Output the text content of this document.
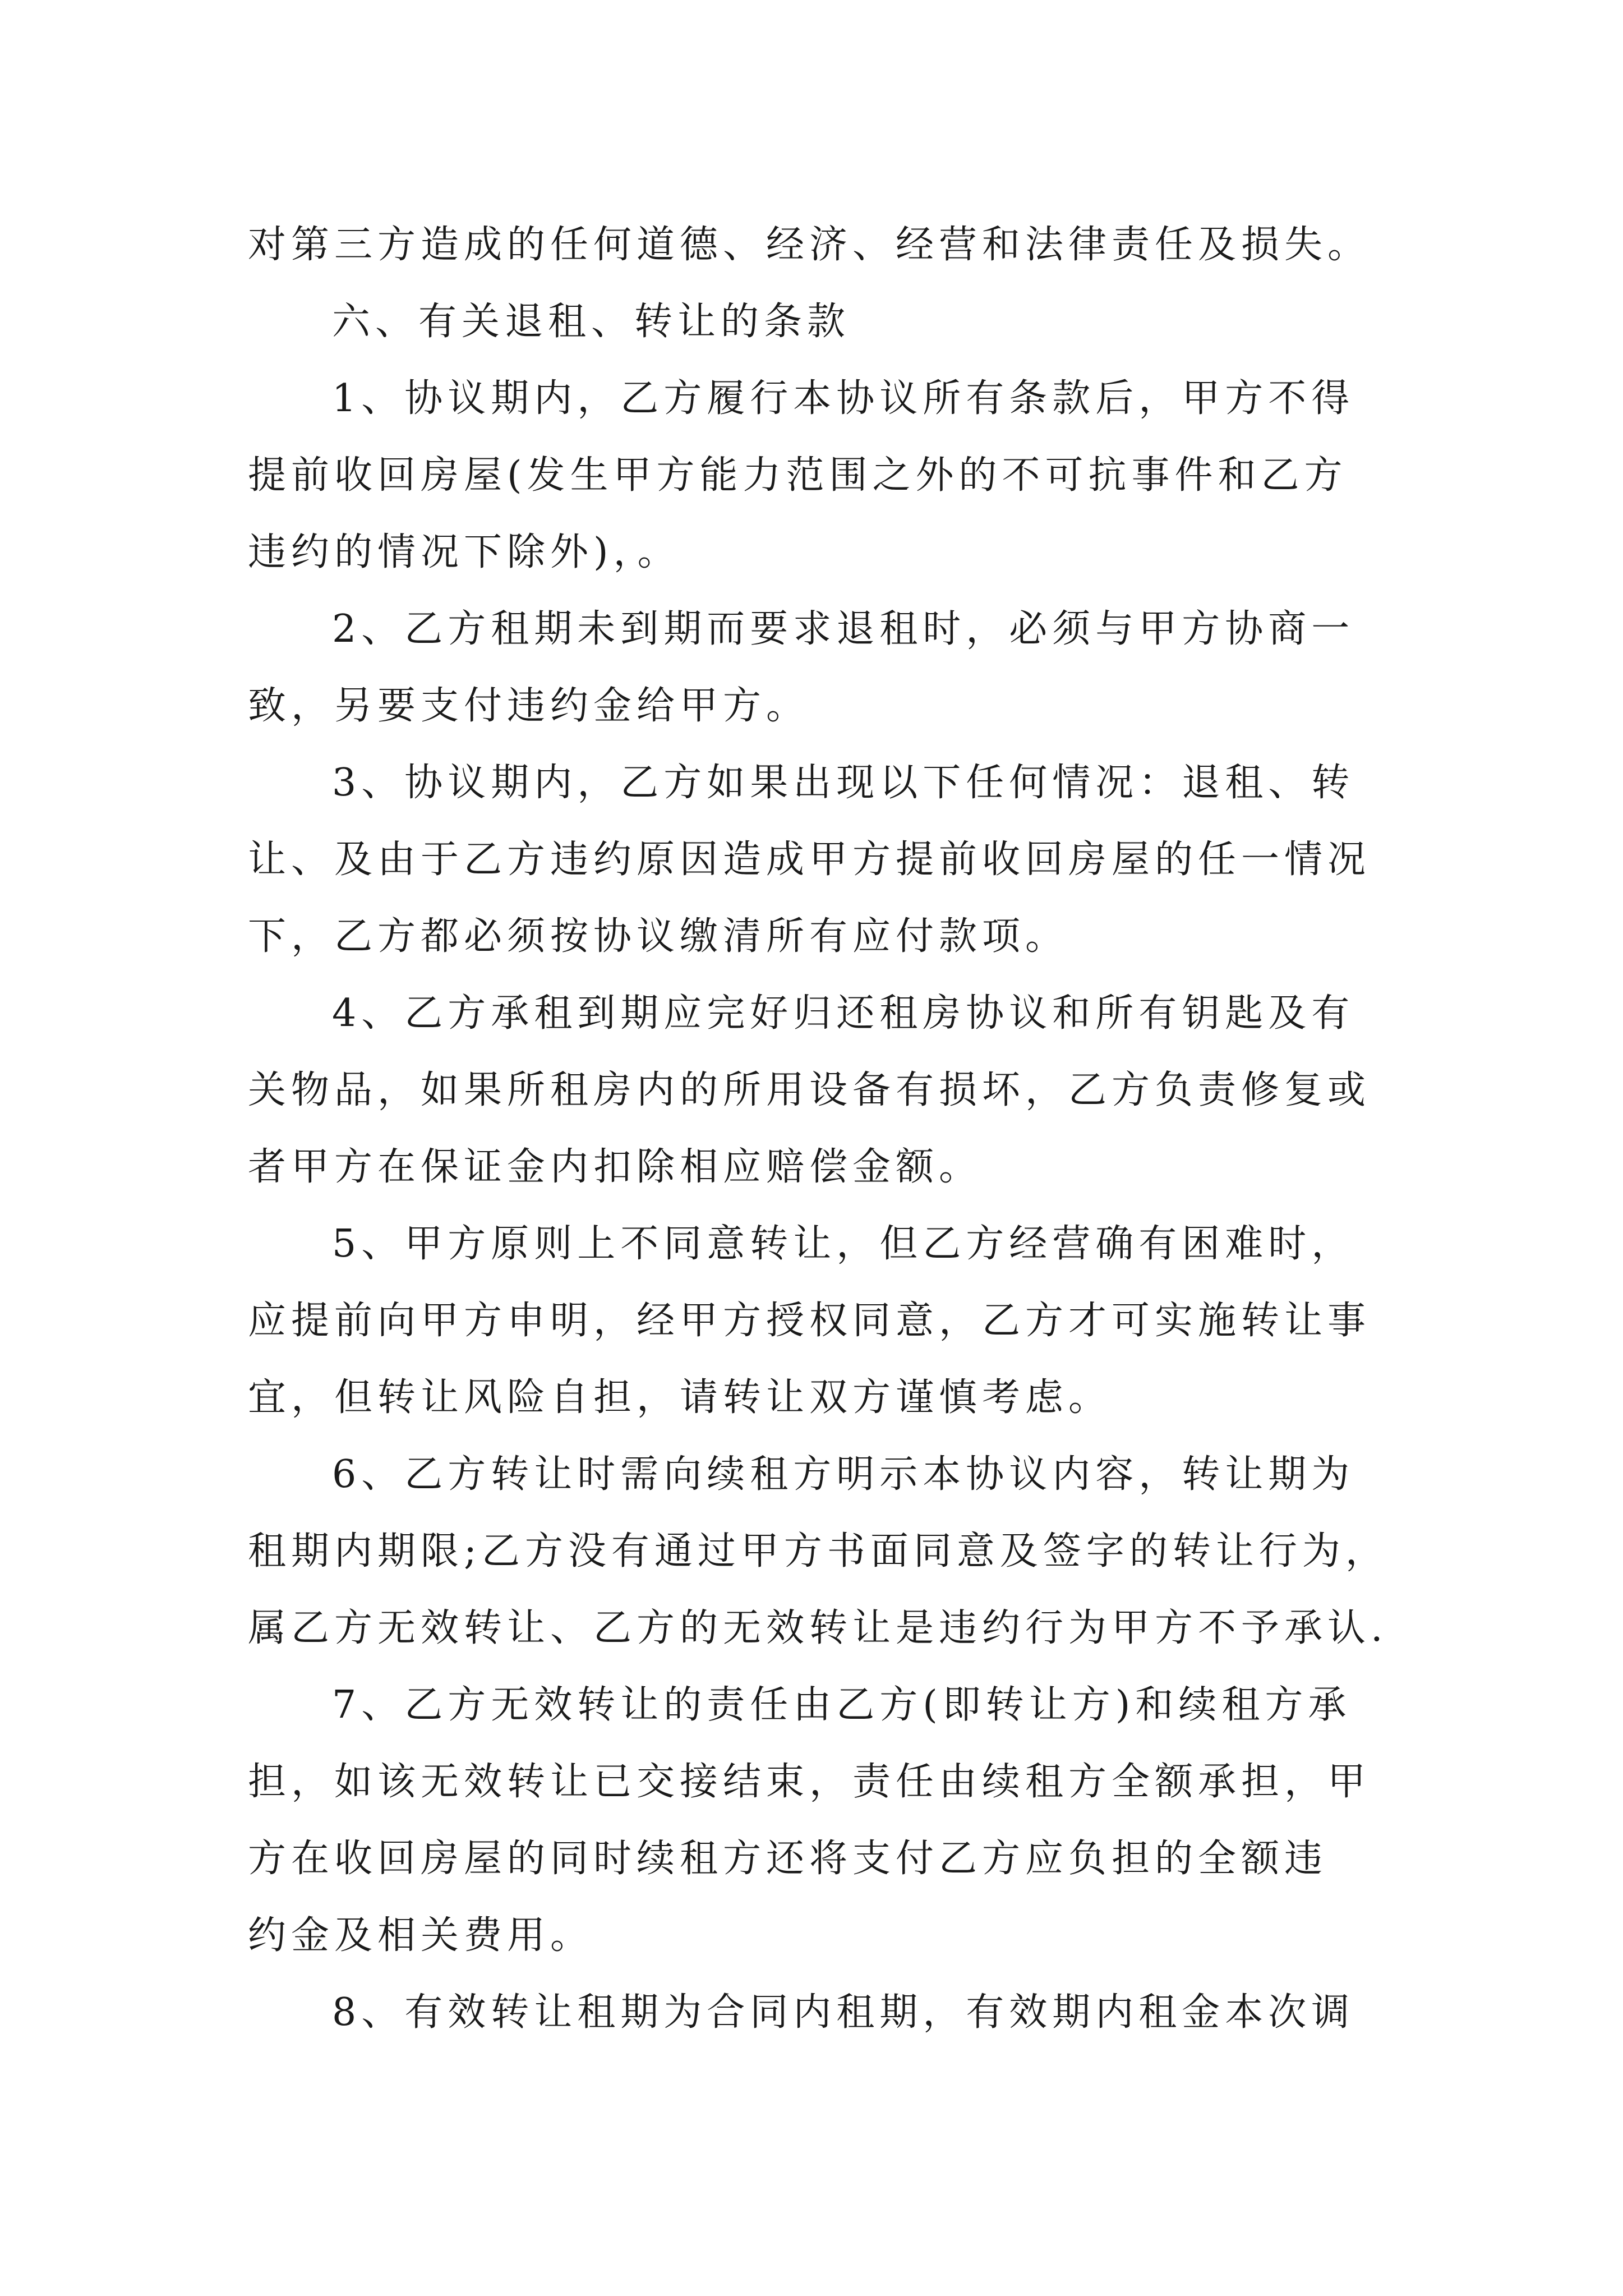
对第三方造成的任何道德、经济、经营和法律责任及损失。

六、有关退租、转让的条款

1、协议期内，乙方履行本协议所有条款后，甲方不得
提前收回房屋(发生甲方能力范围之外的不可抗事件和乙方
违约的情况下除外)，。

2、乙方租期未到期而要求退租时，必须与甲方协商一
致，另要支付违约金给甲方。

3、协议期内，乙方如果出现以下任何情况：退租、转
让、及由于乙方违约原因造成甲方提前收回房屋的任一情况
下，乙方都必须按协议缴清所有应付款项。

4、乙方承租到期应完好归还租房协议和所有钥匙及有
关物品，如果所租房内的所用设备有损坏，乙方负责修复或
者甲方在保证金内扣除相应赔偿金额。

5、甲方原则上不同意转让，但乙方经营确有困难时，
应提前向甲方申明，经甲方授权同意，乙方才可实施转让事
宜，但转让风险自担，请转让双方谨慎考虑。

6、乙方转让时需向续租方明示本协议内容，转让期为
租期内期限;乙方没有通过甲方书面同意及签字的转让行为，
属乙方无效转让、乙方的无效转让是违约行为甲方不予承认.

7、乙方无效转让的责任由乙方(即转让方)和续租方承
担，如该无效转让已交接结束，责任由续租方全额承担，甲
方在收回房屋的同时续租方还将支付乙方应负担的全额违
约金及相关费用。

8、有效转让租期为合同内租期，有效期内租金本次调
